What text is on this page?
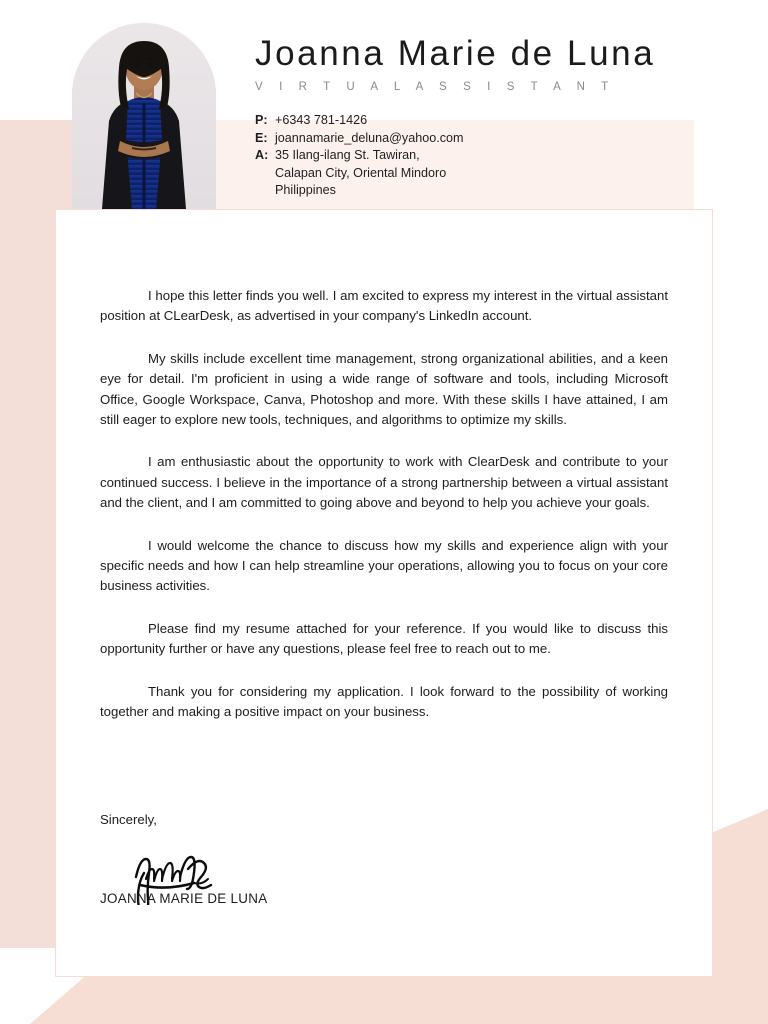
Joanna Marie de Luna
V I R T U A L A S S I S T A N T
P: +6343 781-1426
E: joannamarie_deluna@yahoo.com
A: 35 Ilang-ilang St. Tawiran,
Calapan City, Oriental Mindoro
Philippines

I hope this letter finds you well. I am excited to express my interest in the virtual assistant position at CLearDesk, as advertised in your company's LinkedIn account.

My skills include excellent time management, strong organizational abilities, and a keen eye for detail. I'm proficient in using a wide range of software and tools, including Microsoft Office, Google Workspace, Canva, Photoshop and more. With these skills I have attained, I am still eager to explore new tools, techniques, and algorithms to optimize my skills.

I am enthusiastic about the opportunity to work with ClearDesk and contribute to your continued success. I believe in the importance of a strong partnership between a virtual assistant and the client, and I am committed to going above and beyond to help you achieve your goals.

I would welcome the chance to discuss how my skills and experience align with your specific needs and how I can help streamline your operations, allowing you to focus on your core business activities.

Please find my resume attached for your reference. If you would like to discuss this opportunity further or have any questions, please feel free to reach out to me.

Thank you for considering my application. I look forward to the possibility of working together and making a positive impact on your business.

Sincerely,
JOANNA MARIE DE LUNA
